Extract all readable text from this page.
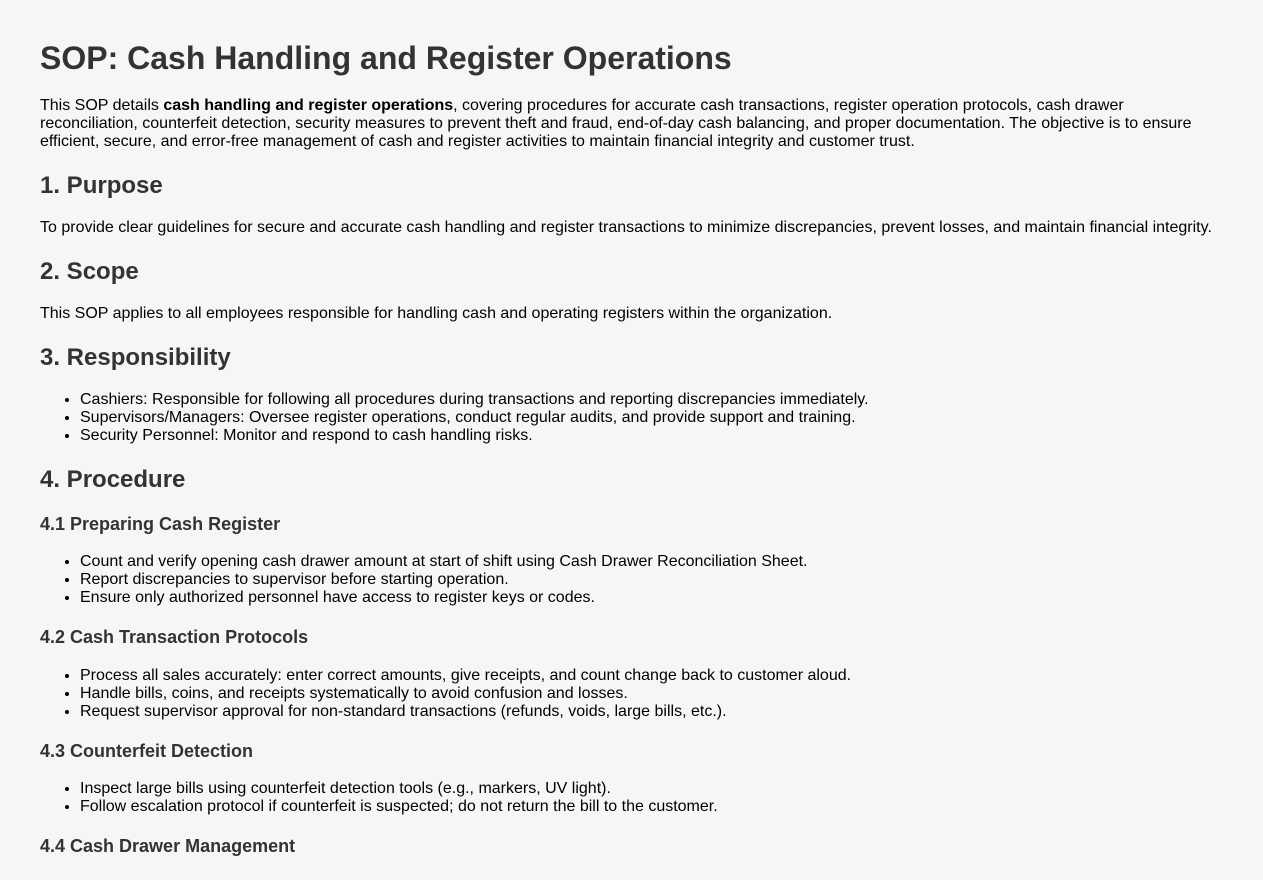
SOP: Cash Handling and Register Operations

This SOP details cash handling and register operations, covering procedures for accurate cash transactions, register operation protocols, cash drawer reconciliation, counterfeit detection, security measures to prevent theft and fraud, end-of-day cash balancing, and proper documentation. The objective is to ensure efficient, secure, and error-free management of cash and register activities to maintain financial integrity and customer trust.

1. Purpose

To provide clear guidelines for secure and accurate cash handling and register transactions to minimize discrepancies, prevent losses, and maintain financial integrity.

2. Scope

This SOP applies to all employees responsible for handling cash and operating registers within the organization.

3. Responsibility
• Cashiers: Responsible for following all procedures during transactions and reporting discrepancies immediately.
• Supervisors/Managers: Oversee register operations, conduct regular audits, and provide support and training.
• Security Personnel: Monitor and respond to cash handling risks.
4. Procedure
4.1 Preparing Cash Register
• Count and verify opening cash drawer amount at start of shift using Cash Drawer Reconciliation Sheet.
• Report discrepancies to supervisor before starting operation.
• Ensure only authorized personnel have access to register keys or codes.
4.2 Cash Transaction Protocols
• Process all sales accurately: enter correct amounts, give receipts, and count change back to customer aloud.
• Handle bills, coins, and receipts systematically to avoid confusion and losses.
• Request supervisor approval for non-standard transactions (refunds, voids, large bills, etc.).
4.3 Counterfeit Detection
• Inspect large bills using counterfeit detection tools (e.g., markers, UV light).
• Follow escalation protocol if counterfeit is suspected; do not return the bill to the customer.
4.4 Cash Drawer Management
